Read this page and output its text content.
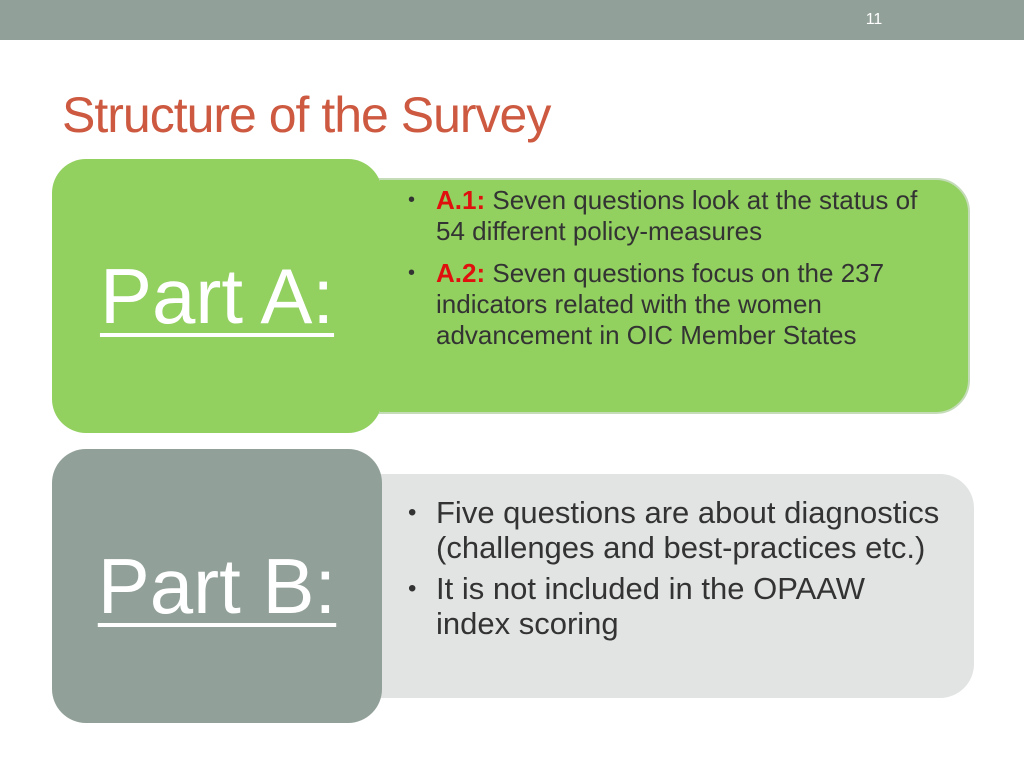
11
Structure of the Survey
Part A:
• A.1: Seven questions look at the status of 54 different policy-measures
• A.2: Seven questions focus on the 237 indicators related with the women advancement in OIC Member States
Part B:
• Five questions are about diagnostics (challenges and best-practices etc.)
• It is not included in the OPAAW index scoring
